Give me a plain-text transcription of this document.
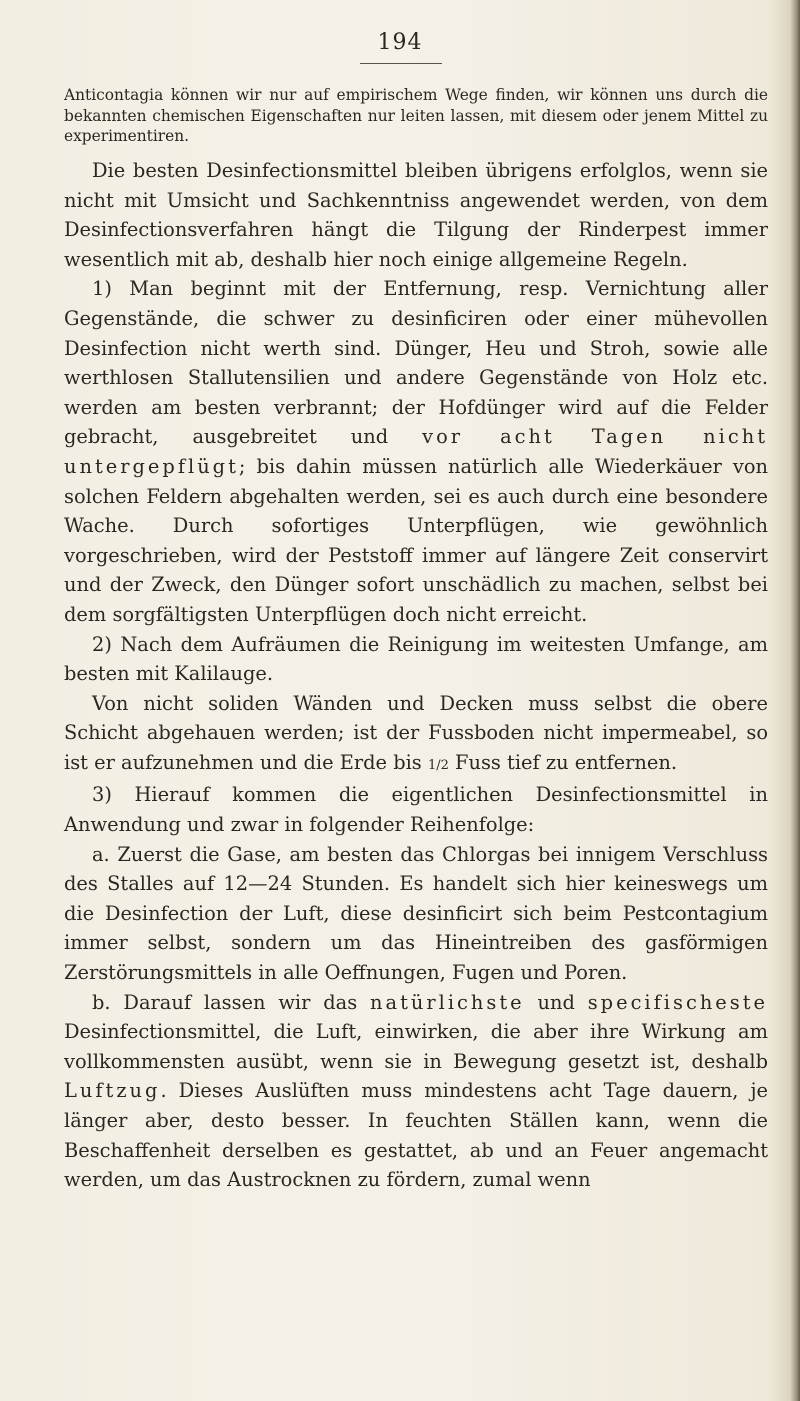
194
Anticontagia können wir nur auf empirischem Wege finden, wir können uns durch die bekannten chemischen Eigenschaften nur leiten lassen, mit diesem oder jenem Mittel zu experimentiren.

Die besten Desinfectionsmittel bleiben übrigens erfolglos, wenn sie nicht mit Umsicht und Sachkenntniss angewendet werden, von dem Desinfectionsverfahren hängt die Tilgung der Rinderpest immer wesentlich mit ab, deshalb hier noch einige allgemeine Regeln.

1) Man beginnt mit der Entfernung, resp. Vernichtung aller Gegenstände, die schwer zu desinficiren oder einer mühevollen Desinfection nicht werth sind. Dünger, Heu und Stroh, sowie alle werthlosen Stallutensilien und andere Gegenstände von Holz etc. werden am besten verbrannt; der Hofdünger wird auf die Felder gebracht, ausgebreitet und vor acht Tagen nicht untergepflügt; bis dahin müssen natürlich alle Wiederkäuer von solchen Feldern abgehalten werden, sei es auch durch eine besondere Wache. Durch sofortiges Unterpflügen, wie gewöhnlich vorgeschrieben, wird der Peststoff immer auf längere Zeit conservirt und der Zweck, den Dünger sofort unschädlich zu machen, selbst bei dem sorgfältigsten Unterpflügen doch nicht erreicht.

2) Nach dem Aufräumen die Reinigung im weitesten Umfange, am besten mit Kalilauge.

Von nicht soliden Wänden und Decken muss selbst die obere Schicht abgehauen werden; ist der Fussboden nicht impermeabel, so ist er aufzunehmen und die Erde bis 1/2 Fuss tief zu entfernen.

3) Hierauf kommen die eigentlichen Desinfectionsmittel in Anwendung und zwar in folgender Reihenfolge:

a. Zuerst die Gase, am besten das Chlorgas bei innigem Verschluss des Stalles auf 12—24 Stunden. Es handelt sich hier keineswegs um die Desinfection der Luft, diese desinficirt sich beim Pestcontagium immer selbst, sondern um das Hineintreiben des gasförmigen Zerstörungsmittels in alle Oeffnungen, Fugen und Poren.

b. Darauf lassen wir das natürlichste und specifischeste Desinfectionsmittel, die Luft, einwirken, die aber ihre Wirkung am vollkommensten ausübt, wenn sie in Bewegung gesetzt ist, deshalb Luftzug. Dieses Auslüften muss mindestens acht Tage dauern, je länger aber, desto besser. In feuchten Ställen kann, wenn die Beschaffenheit derselben es gestattet, ab und an Feuer angemacht werden, um das Austrocknen zu fördern, zumal wenn
